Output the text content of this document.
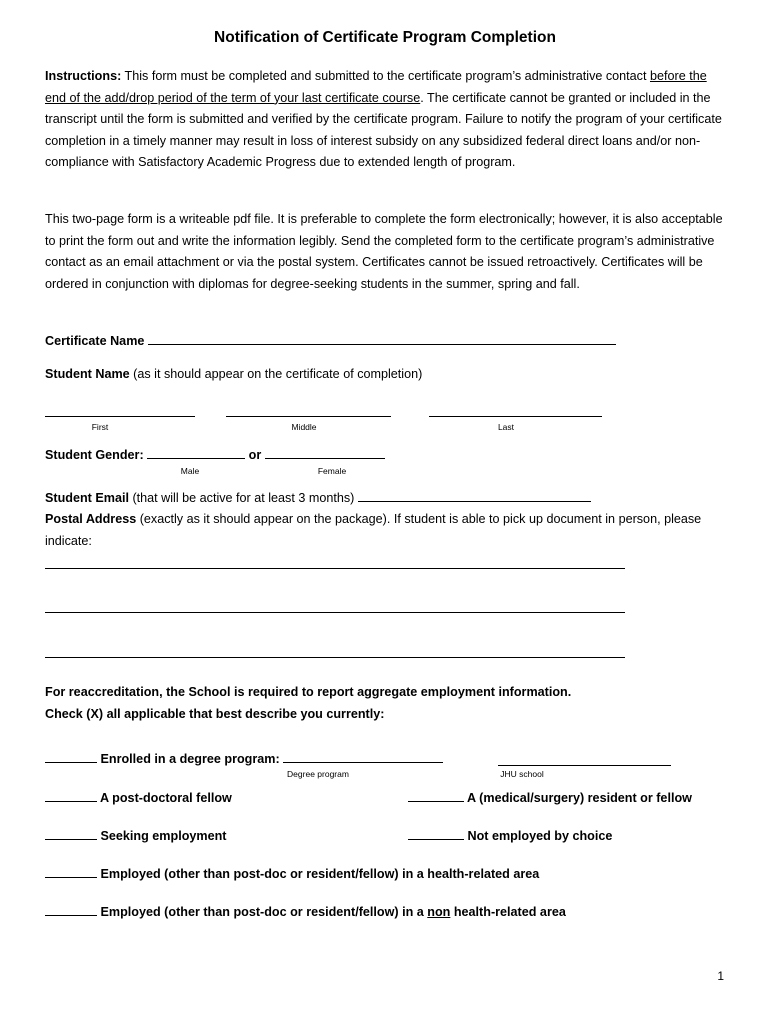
Notification of Certificate Program Completion
Instructions: This form must be completed and submitted to the certificate program’s administrative contact before the end of the add/drop period of the term of your last certificate course. The certificate cannot be granted or included in the transcript until the form is submitted and verified by the certificate program. Failure to notify the program of your certificate completion in a timely manner may result in loss of interest subsidy on any subsidized federal direct loans and/or non-compliance with Satisfactory Academic Progress due to extended length of program.
This two-page form is a writeable pdf file. It is preferable to complete the form electronically; however, it is also acceptable to print the form out and write the information legibly. Send the completed form to the certificate program’s administrative contact as an email attachment or via the postal system. Certificates cannot be issued retroactively. Certificates will be ordered in conjunction with diplomas for degree-seeking students in the summer, spring and fall.
Certificate Name
Student Name (as it should appear on the certificate of completion)
First	Middle	Last
Student Gender:	or
Male	Female
Student Email (that will be active for at least 3 months)
Postal Address (exactly as it should appear on the package). If student is able to pick up document in person, please indicate:
For reaccreditation, the School is required to report aggregate employment information.
Check (X) all applicable that best describe you currently:
Enrolled in a degree program:
Degree program	JHU school
A post-doctoral fellow	A (medical/surgery) resident or fellow
Seeking employment	Not employed by choice
Employed (other than post-doc or resident/fellow) in a health-related area
Employed (other than post-doc or resident/fellow) in a non health-related area
1
